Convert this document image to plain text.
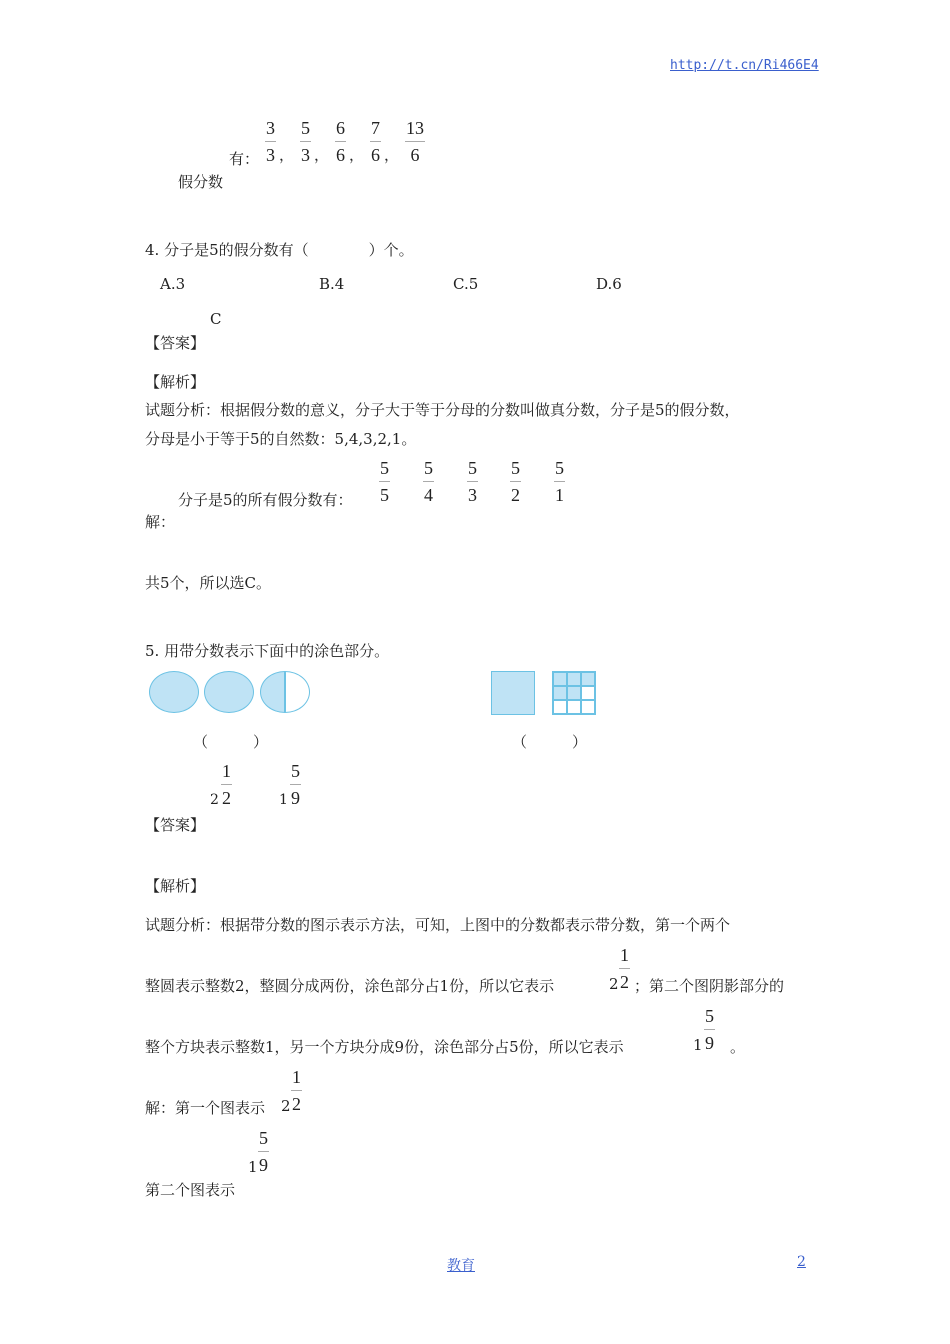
http://t.cn/Ri466E4
$\frac{3}{3}$ ， $\frac{5}{3}$ ， $\frac{6}{6}$ ， $\frac{7}{6}$ ， $\frac{13}{6}$
有：
假分数
4. 分子是5的假分数有（　　　　）个。
A.3	B.4	C.5	D.6
C
【答案】
【解析】
试题分析：根据假分数的意义，分子大于等于分母的分数叫做真分数，分子是5的假分数，
分母是小于等于5的自然数：5,4,3,2,1。
$\frac{5}{5} \frac{5}{4} \frac{5}{3} \frac{5}{2} \frac{5}{1}$
分子是5的所有假分数有：
解：
共5个，所以选C。
5. 用带分数表示下面中的涂色部分。
（　　　）	（　　　）
$2 \frac{1}{2}$	$1 \frac{5}{9}$
【答案】
【解析】
试题分析：根据带分数的图示表示方法，可知，上图中的分数都表示带分数，第一个两个
整圆表示整数2，整圆分成两份，涂色部分占1份，所以它表示	$2 \frac{1}{2}$ ；第二个图阴影部分的
整个方块表示整数1，另一个方块分成9份，涂色部分占5份，所以它表示	$1 \frac{5}{9}$ 。
解：第一个图表示 $2 \frac{1}{2}$
$1 \frac{5}{9}$
第二个图表示
教育	2
